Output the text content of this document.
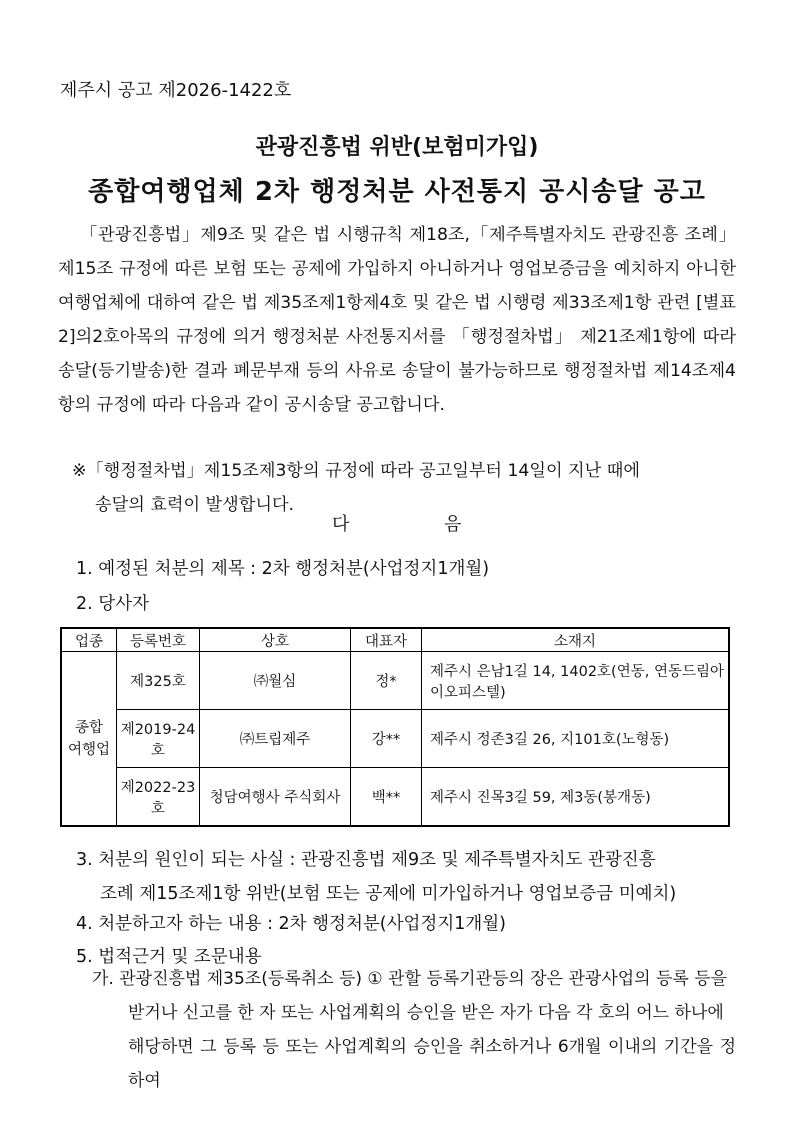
제주시 공고 제2026-1422호
관광진흥법 위반(보험미가입)
종합여행업체 2차 행정처분 사전통지 공시송달 공고
「관광진흥법」제9조 및 같은 법 시행규칙 제18조,「제주특별자치도 관광진흥 조례」 제15조 규정에 따른 보험 또는 공제에 가입하지 아니하거나 영업보증금을 예치하지 아니한 여행업체에 대하여 같은 법 제35조제1항제4호 및 같은 법 시행령 제33조제1항 관련 [별표2]의2호아목의 규정에 의거 행정처분 사전통지서를 「행정절차법」 제21조제1항에 따라 송달(등기발송)한 결과 폐문부재 등의 사유로 송달이 불가능하므로 행정절차법 제14조제4항의 규정에 따라 다음과 같이 공시송달 공고합니다.
※「행정절차법」제15조제3항의 규정에 따라 공고일부터 14일이 지난 때에
송달의 효력이 발생합니다.
다	음
1. 예정된 처분의 제목 : 2차 행정처분(사업정지1개월)
2. 당사자
업종	등록번호	상호	대표자	소재지
종합
여행업	제325호	㈜월심	정*	제주시 은남1길 14, 1402호(연동, 연동드림아이오피스텔)
	제2019-24호	㈜트립제주	강**	제주시 정존3길 26, 지101호(노형동)
	제2022-23호	청담여행사 주식회사	백**	제주시 진목3길 59, 제3동(봉개동)
3. 처분의 원인이 되는 사실 : 관광진흥법 제9조 및 제주특별자치도 관광진흥
조례 제15조제1항 위반(보험 또는 공제에 미가입하거나 영업보증금 미예치)
4. 처분하고자 하는 내용 : 2차 행정처분(사업정지1개월)
5. 법적근거 및 조문내용
가. 관광진흥법 제35조(등록취소 등) ① 관할 등록기관등의 장은 관광사업의 등록 등을
받거나 신고를 한 자 또는 사업계획의 승인을 받은 자가 다음 각 호의 어느 하나에
해당하면 그 등록 등 또는 사업계획의 승인을 취소하거나 6개월 이내의 기간을 정하여
